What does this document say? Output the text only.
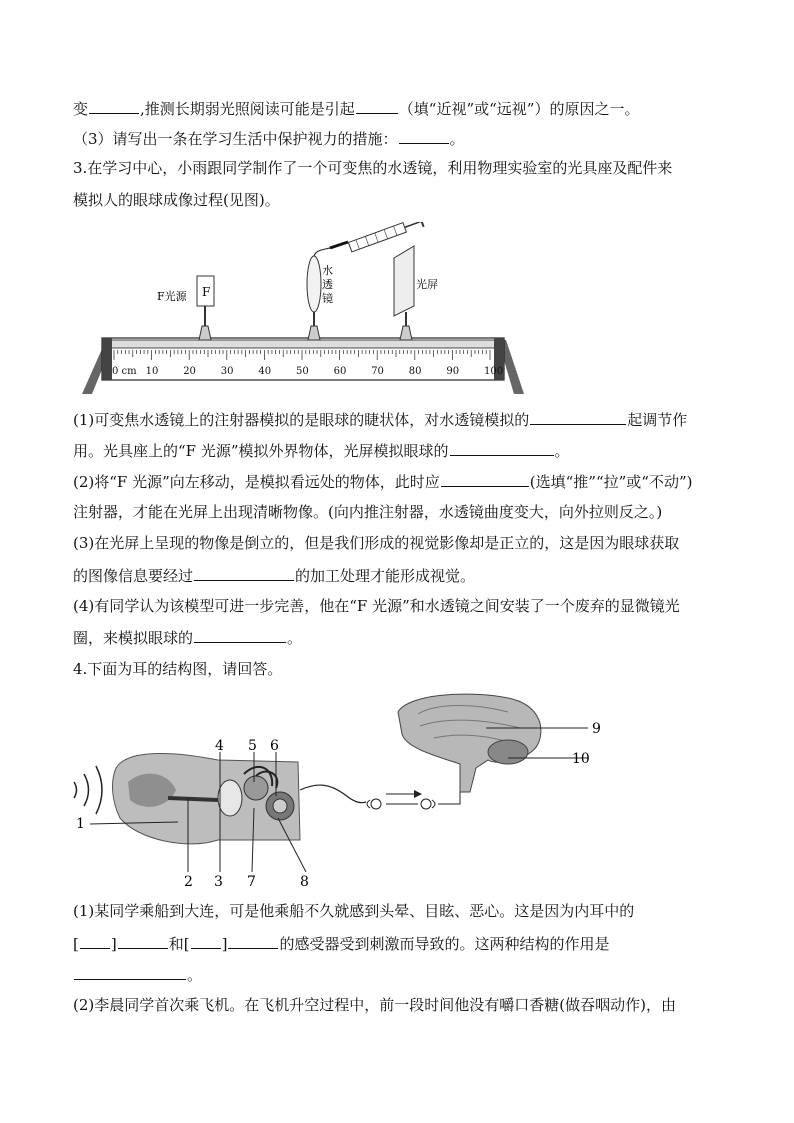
变	,推测长期弱光照阅读可能是引起	（填“近视”或“远视”）的原因之一。
（3）请写出一条在学习生活中保护视力的措施：	。
3.在学习中心，小雨跟同学制作了一个可变焦的水透镜，利用物理实验室的光具座及配件来
模拟人的眼球成像过程(见图)。
0 cm 10 20 30 40 50 60 70 80 90 100
F
F光源
水
透
镜
光屏
(1)可变焦水透镜上的注射器模拟的是眼球的睫状体，对水透镜模拟的	起调节作
用。光具座上的“F 光源”模拟外界物体，光屏模拟眼球的	。
(2)将“F 光源”向左移动，是模拟看远处的物体，此时应	(选填“推”“拉”或“不动”)
注射器，才能在光屏上出现清晰物像。(向内推注射器，水透镜曲度变大，向外拉则反之。)
(3)在光屏上呈现的物像是倒立的，但是我们形成的视觉影像却是正立的，这是因为眼球获取
的图像信息要经过	的加工处理才能形成视觉。
(4)有同学认为该模型可进一步完善，他在“F 光源”和水透镜之间安装了一个废弃的显微镜光
圈，来模拟眼球的	。
4.下面为耳的结构图，请回答。
1
2 3
4 5 6
7	8
9
10
(1)某同学乘船到大连，可是他乘船不久就感到头晕、目眩、恶心。这是因为内耳中的
[ ]	和[ ]	的感受器受到刺激而导致的。这两种结构的作用是
。
(2)李晨同学首次乘飞机。在飞机升空过程中，前一段时间他没有嚼口香糖(做吞咽动作)，由
